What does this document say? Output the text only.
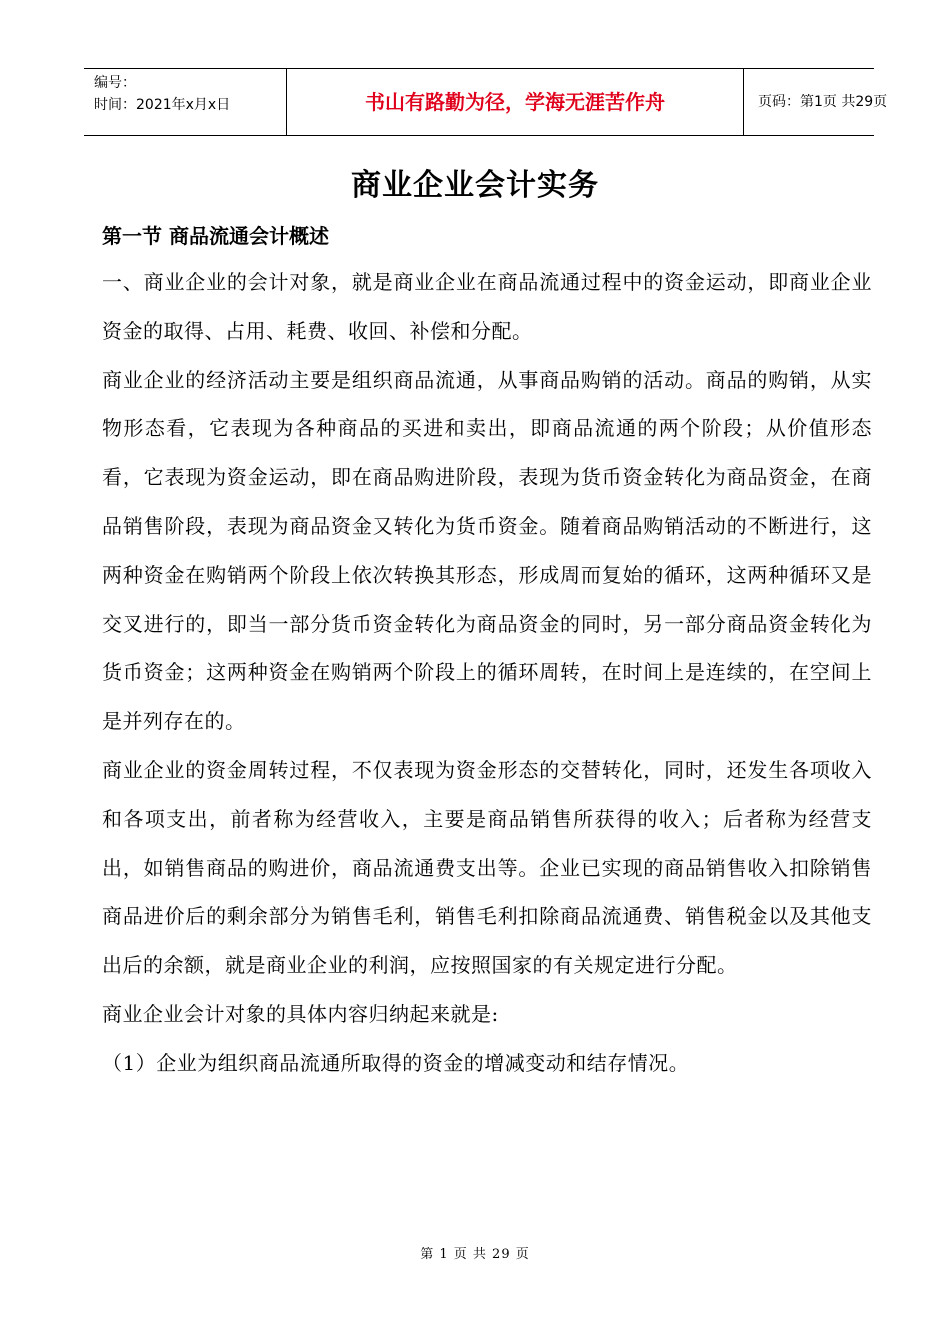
编号：
时间：2021年x月x日	书山有路勤为径，学海无涯苦作舟	页码：第1页 共29页
商业企业会计实务
第一节 商品流通会计概述

一、商业企业的会计对象，就是商业企业在商品流通过程中的资金运动，即商业企业资金的取得、占用、耗费、收回、补偿和分配。

商业企业的经济活动主要是组织商品流通，从事商品购销的活动。商品的购销，从实物形态看，它表现为各种商品的买进和卖出，即商品流通的两个阶段；从价值形态看，它表现为资金运动，即在商品购进阶段，表现为货币资金转化为商品资金，在商品销售阶段，表现为商品资金又转化为货币资金。随着商品购销活动的不断进行，这两种资金在购销两个阶段上依次转换其形态，形成周而复始的循环，这两种循环又是交叉进行的，即当一部分货币资金转化为商品资金的同时，另一部分商品资金转化为货币资金；这两种资金在购销两个阶段上的循环周转，在时间上是连续的，在空间上是并列存在的。

商业企业的资金周转过程，不仅表现为资金形态的交替转化，同时，还发生各项收入和各项支出，前者称为经营收入，主要是商品销售所获得的收入；后者称为经营支出，如销售商品的购进价，商品流通费支出等。企业已实现的商品销售收入扣除销售商品进价后的剩余部分为销售毛利，销售毛利扣除商品流通费、销售税金以及其他支出后的余额，就是商业企业的利润，应按照国家的有关规定进行分配。

商业企业会计对象的具体内容归纳起来就是:

（1）企业为组织商品流通所取得的资金的增减变动和结存情况。

第 1 页 共 29 页
